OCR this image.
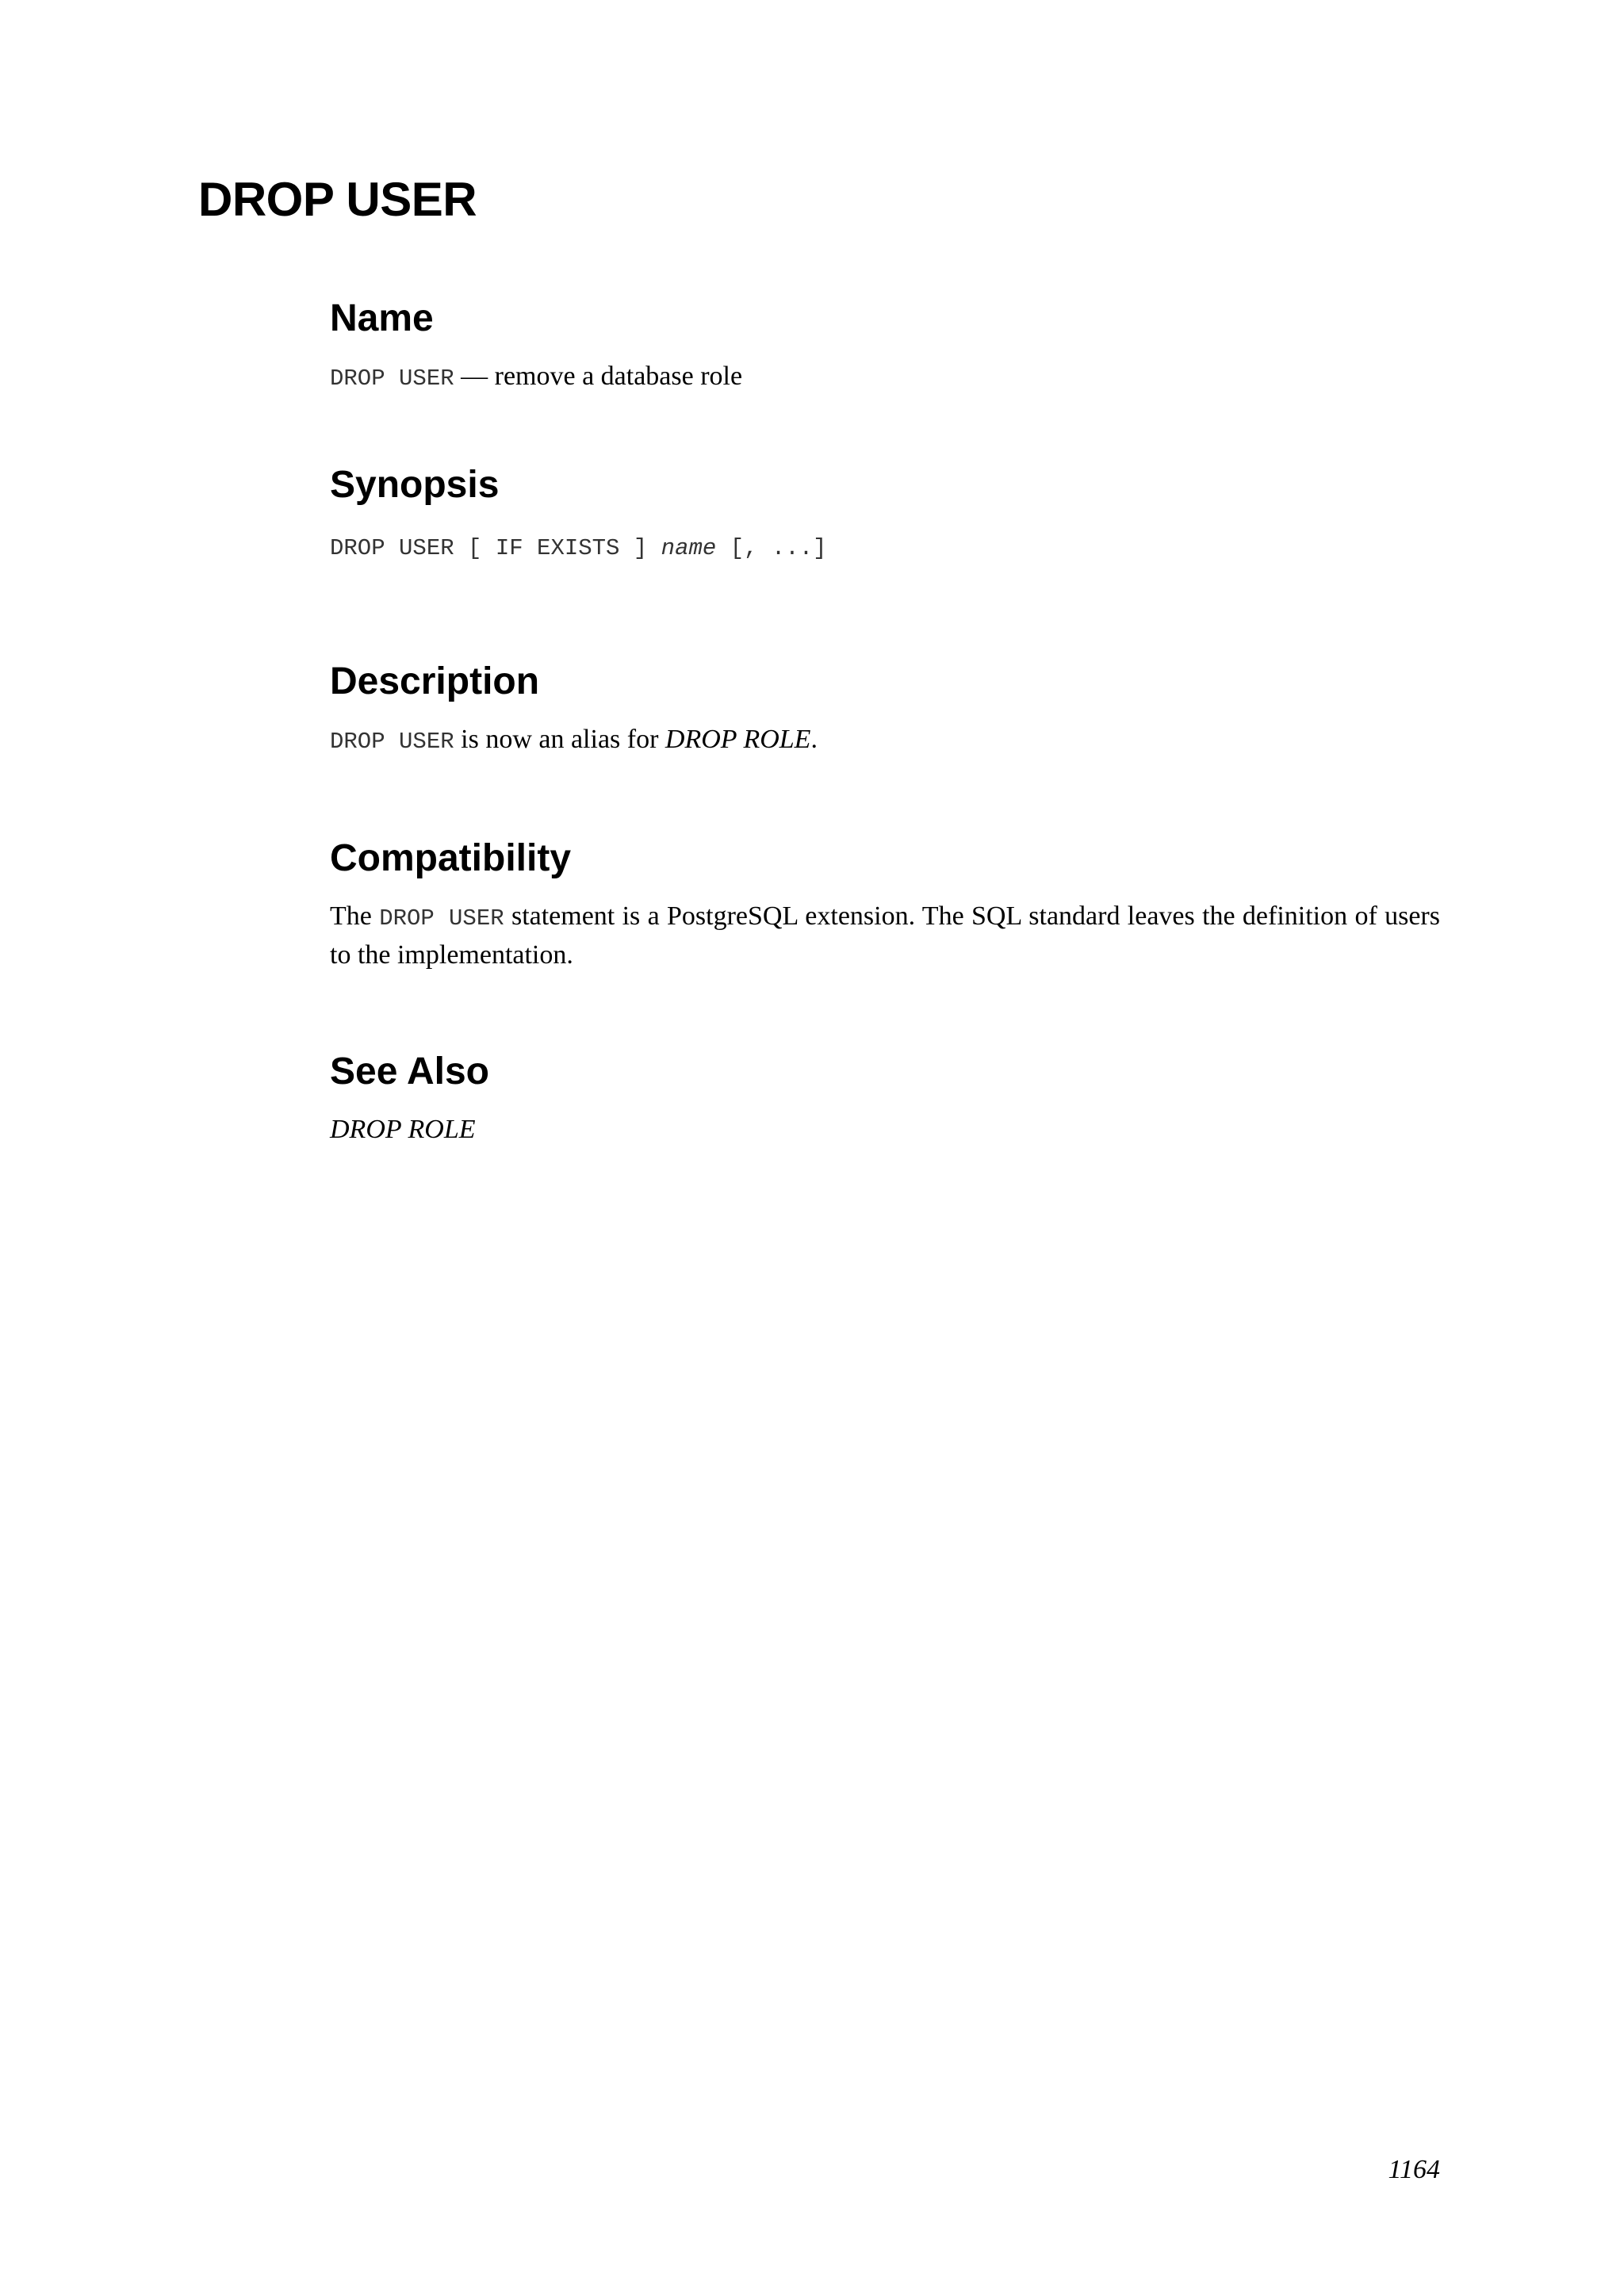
DROP USER
Name

DROP USER — remove a database role

Synopsis
DROP USER [ IF EXISTS ] name [, ...]
Description

DROP USER is now an alias for DROP ROLE.

Compatibility

The DROP USER statement is a PostgreSQL extension. The SQL standard leaves the definition of users to the implementation.

See Also

DROP ROLE

1164
